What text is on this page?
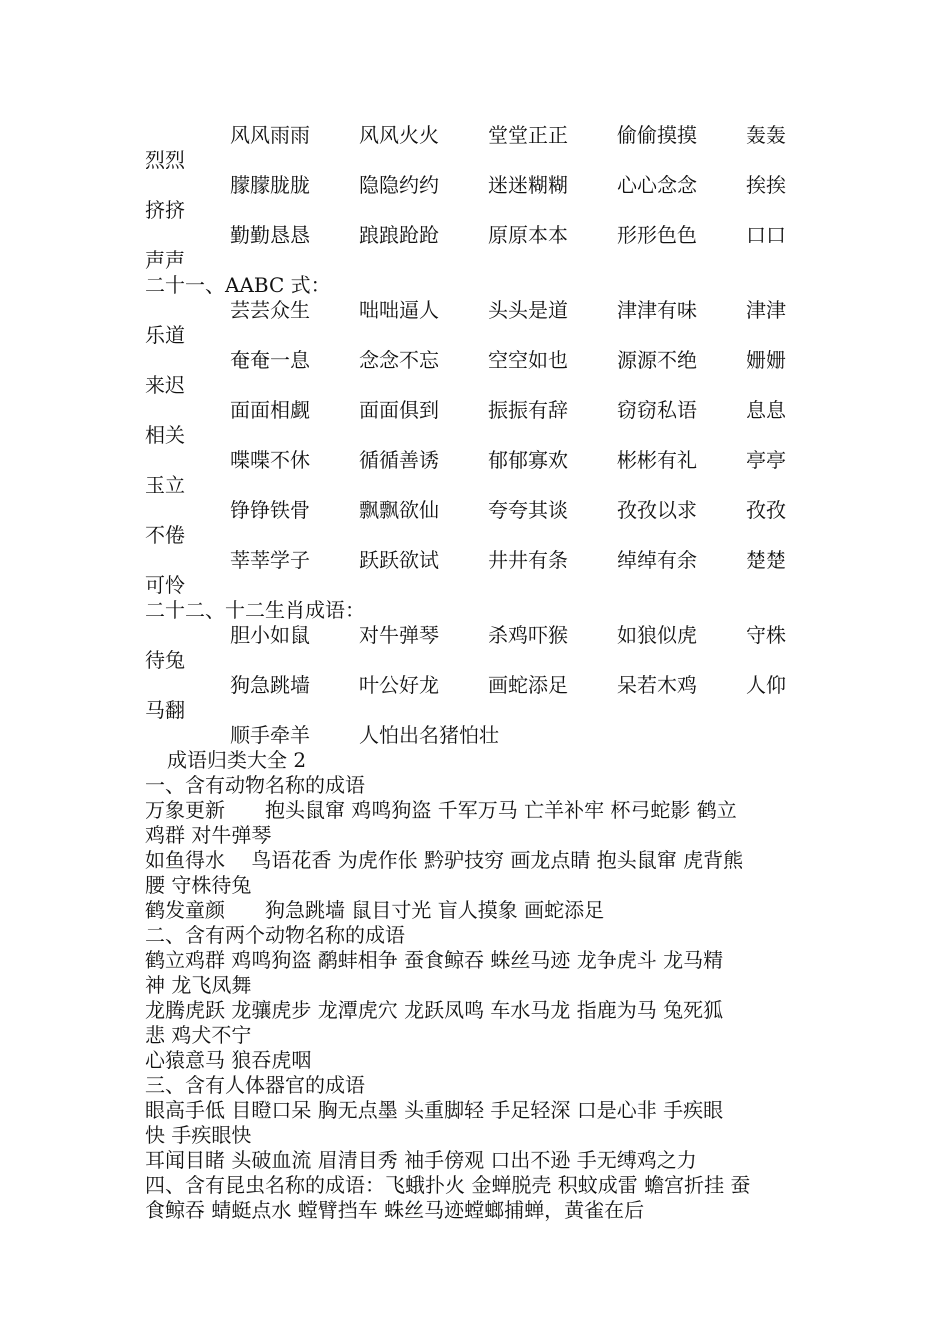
风风雨雨 风风火火 堂堂正正 偷偷摸摸 轰轰
烈烈
朦朦胧胧 隐隐约约 迷迷糊糊 心心念念 挨挨
挤挤
勤勤恳恳 踉踉跄跄 原原本本 形形色色 口口
声声
二十一、AABC 式：
芸芸众生 咄咄逼人 头头是道 津津有味 津津
乐道
奄奄一息 念念不忘 空空如也 源源不绝 姗姗
来迟
面面相觑 面面俱到 振振有辞 窃窃私语 息息
相关
喋喋不休 循循善诱 郁郁寡欢 彬彬有礼 亭亭
玉立
铮铮铁骨 飘飘欲仙 夸夸其谈 孜孜以求 孜孜
不倦
莘莘学子 跃跃欲试 井井有条 绰绰有余 楚楚
可怜
二十二、十二生肖成语：
胆小如鼠 对牛弹琴 杀鸡吓猴 如狼似虎 守株
待兔
狗急跳墙 叶公好龙 画蛇添足 呆若木鸡 人仰
马翻
顺手牵羊 人怕出名猪怕壮
成语归类大全 2
一、含有动物名称的成语
万象更新　　抱头鼠窜 鸡鸣狗盗 千军万马 亡羊补牢 杯弓蛇影 鹤立
鸡群 对牛弹琴
如鱼得水　 鸟语花香 为虎作伥 黔驴技穷 画龙点睛 抱头鼠窜 虎背熊
腰 守株待兔
鹤发童颜　　狗急跳墙 鼠目寸光 盲人摸象 画蛇添足
二、含有两个动物名称的成语
鹤立鸡群 鸡鸣狗盗 鹬蚌相争 蚕食鲸吞 蛛丝马迹 龙争虎斗 龙马精
神 龙飞凤舞
龙腾虎跃 龙骧虎步 龙潭虎穴 龙跃凤鸣 车水马龙 指鹿为马 兔死狐
悲 鸡犬不宁
心猿意马 狼吞虎咽
三、含有人体器官的成语
眼高手低 目瞪口呆 胸无点墨 头重脚轻 手足轻深 口是心非 手疾眼
快 手疾眼快
耳闻目睹 头破血流 眉清目秀 袖手傍观 口出不逊 手无缚鸡之力
四、含有昆虫名称的成语：飞蛾扑火 金蝉脱壳 积蚊成雷 蟾宫折挂 蚕
食鲸吞 蜻蜓点水 螳臂挡车 蛛丝马迹螳螂捕蝉，黄雀在后
